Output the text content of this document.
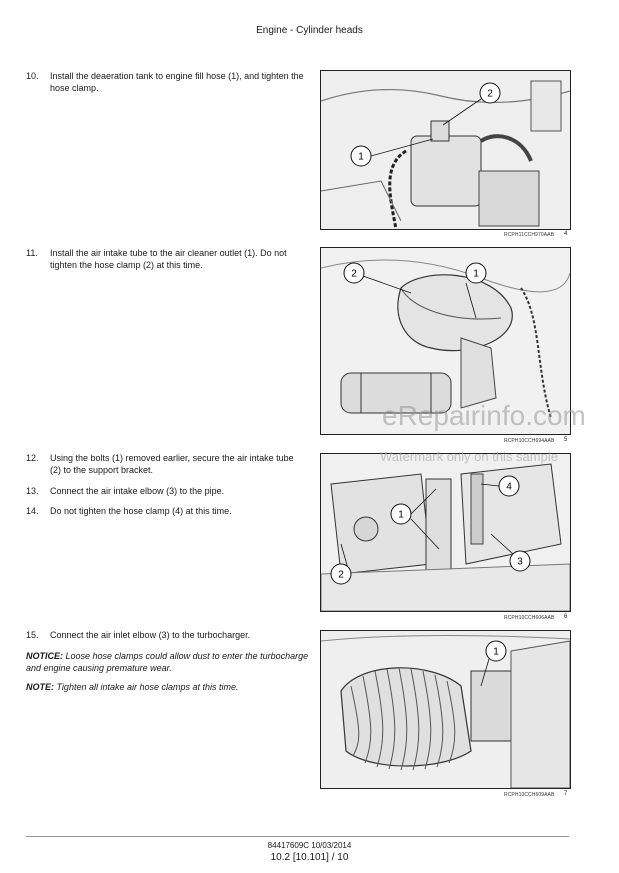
Engine - Cylinder heads
10. Install the deaeration tank to engine fill hose (1), and tighten the hose clamp.
11. Install the air intake tube to the air cleaner outlet (1). Do not tighten the hose clamp (2) at this time.
12. Using the bolts (1) removed earlier, secure the air intake tube (2) to the support bracket.
13. Connect the air intake elbow (3) to the pipe.
14. Do not tighten the hose clamp (4) at this time.
15. Connect the air inlet elbow (3) to the turbocharger.
NOTICE: Loose hose clamps could allow dust to enter the turbocharge and engine causing premature wear.
NOTE: Tighten all intake air hose clamps at this time.
1
2
RCPH11CCH970AAB 4
1
2
RCPH10CCH694AAB 5
1
2
3
4
RCPH10CCH606AAB 6
1
RCPH10CCH609AAB 7
eRepairinfo.com
Watermark only on this sample
84417609C 10/03/2014
10.2 [10.101] / 10
